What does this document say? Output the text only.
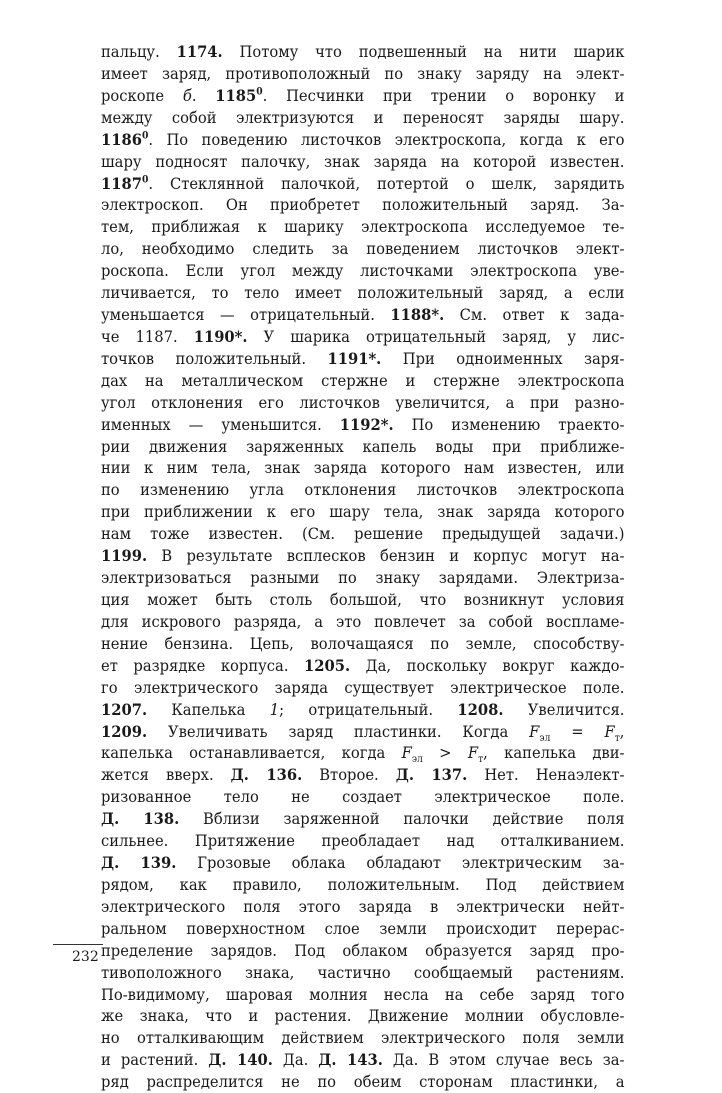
пальцу. 1174. Потому что подвешенный на нити шарик
имеет заряд, противоположный по знаку заряду на элект-
роскопе б. 1185$^0$. Песчинки при трении о воронку и
между собой электризуются и переносят заряды шару.
1186$^0$. По поведению листочков электроскопа, когда к его
шару подносят палочку, знак заряда на которой известен.
1187$^0$. Стеклянной палочкой, потертой о шелк, зарядить
электроскоп. Он приобретет положительный заряд. За-
тем, приближая к шарику электроскопа исследуемое те-
ло, необходимо следить за поведением листочков элект-
роскопа. Если угол между листочками электроскопа уве-
личивается, то тело имеет положительный заряд, а если
уменьшается — отрицательный. 1188*. См. ответ к зада-
че 1187. 1190*. У шарика отрицательный заряд, у лис-
точков положительный. 1191*. При одноименных заря-
дах на металлическом стержне и стержне электроскопа
угол отклонения его листочков увеличится, а при разно-
именных — уменьшится. 1192*. По изменению траекто-
рии движения заряженных капель воды при приближе-
нии к ним тела, знак заряда которого нам известен, или
по изменению угла отклонения листочков электроскопа
при приближении к его шару тела, знак заряда которого
нам тоже известен. (См. решение предыдущей задачи.)
1199. В результате всплесков бензин и корпус могут на-
электризоваться разными по знаку зарядами. Электриза-
ция может быть столь большой, что возникнут условия
для искрового разряда, а это повлечет за собой воспламе-
нение бензина. Цепь, волочащаяся по земле, способству-
ет разрядке корпуса. 1205. Да, поскольку вокруг каждо-
го электрического заряда существует электрическое поле.
1207. Капелька 1; отрицательный. 1208. Увеличится.
1209. Увеличивать заряд пластинки. Когда $F_{эл} = F_т$,
капелька останавливается, когда $F_{эл} > F_т$, капелька дви-
жется вверх. Д. 136. Второе. Д. 137. Нет. Ненаэлект-
ризованное тело не создает электрическое поле.
Д. 138. Вблизи заряженной палочки действие поля
сильнее. Притяжение преобладает над отталкиванием.
Д. 139. Грозовые облака обладают электрическим за-
рядом, как правило, положительным. Под действием
электрического поля этого заряда в электрически нейт-
ральном поверхностном слое земли происходит перерас-
пределение зарядов. Под облаком образуется заряд про-
тивоположного знака, частично сообщаемый растениям.
По-видимому, шаровая молния несла на себе заряд того
же знака, что и растения. Движение молнии обусловле-
но отталкивающим действием электрического поля земли
и растений. Д. 140. Да. Д. 143. Да. В этом случае весь за-
ряд распределится не по обеим сторонам пластинки, а
232
